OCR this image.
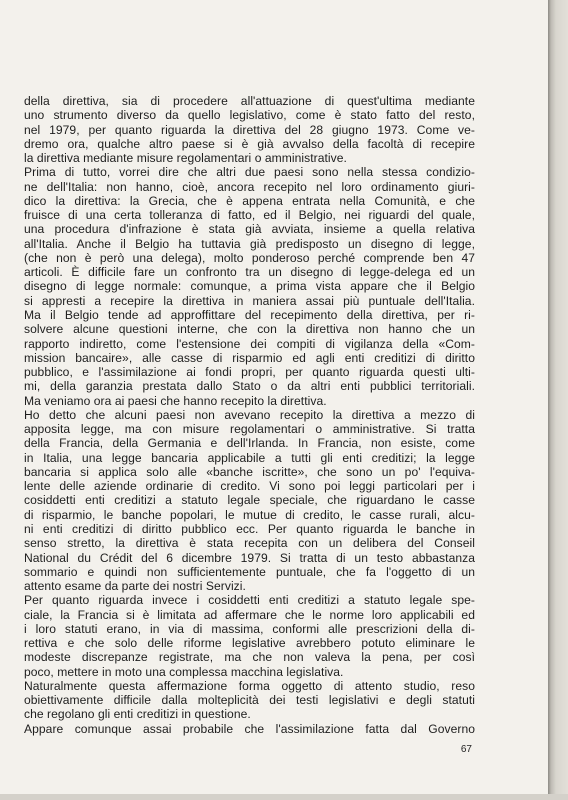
della direttiva, sia di procedere all'attuazione di quest'ultima mediante
uno strumento diverso da quello legislativo, come è stato fatto del resto,
nel 1979, per quanto riguarda la direttiva del 28 giugno 1973. Come ve-
dremo ora, qualche altro paese si è già avvalso della facoltà di recepire
la direttiva mediante misure regolamentari o amministrative.
Prima di tutto, vorrei dire che altri due paesi sono nella stessa condizio-
ne dell'Italia: non hanno, cioè, ancora recepito nel loro ordinamento giuri-
dico la direttiva: la Grecia, che è appena entrata nella Comunità, e che
fruisce di una certa tolleranza di fatto, ed il Belgio, nei riguardi del quale,
una procedura d'infrazione è stata già avviata, insieme a quella relativa
all'Italia. Anche il Belgio ha tuttavia già predisposto un disegno di legge,
(che non è però una delega), molto ponderoso perché comprende ben 47
articoli. È difficile fare un confronto tra un disegno di legge-delega ed un
disegno di legge normale: comunque, a prima vista appare che il Belgio
si appresti a recepire la direttiva in maniera assai più puntuale dell'Italia.
Ma il Belgio tende ad approffittare del recepimento della direttiva, per ri-
solvere alcune questioni interne, che con la direttiva non hanno che un
rapporto indiretto, come l'estensione dei compiti di vigilanza della «Com-
mission bancaire», alle casse di risparmio ed agli enti creditizi di diritto
pubblico, e l'assimilazione ai fondi propri, per quanto riguarda questi ulti-
mi, della garanzia prestata dallo Stato o da altri enti pubblici territoriali.
Ma veniamo ora ai paesi che hanno recepito la direttiva.
Ho detto che alcuni paesi non avevano recepito la direttiva a mezzo di
apposita legge, ma con misure regolamentari o amministrative. Si tratta
della Francia, della Germania e dell'Irlanda. In Francia, non esiste, come
in Italia, una legge bancaria applicabile a tutti gli enti creditizi; la legge
bancaria si applica solo alle «banche iscritte», che sono un po' l'equiva-
lente delle aziende ordinarie di credito. Vi sono poi leggi particolari per i
cosiddetti enti creditizi a statuto legale speciale, che riguardano le casse
di risparmio, le banche popolari, le mutue di credito, le casse rurali, alcu-
ni enti creditizi di diritto pubblico ecc. Per quanto riguarda le banche in
senso stretto, la direttiva è stata recepita con un delibera del Conseil
National du Crédit del 6 dicembre 1979. Si tratta di un testo abbastanza
sommario e quindi non sufficientemente puntuale, che fa l'oggetto di un
attento esame da parte dei nostri Servizi.
Per quanto riguarda invece i cosiddetti enti creditizi a statuto legale spe-
ciale, la Francia si è limitata ad affermare che le norme loro applicabili ed
i loro statuti erano, in via di massima, conformi alle prescrizioni della di-
rettiva e che solo delle riforme legislative avrebbero potuto eliminare le
modeste discrepanze registrate, ma che non valeva la pena, per così
poco, mettere in moto una complessa macchina legislativa.
Naturalmente questa affermazione forma oggetto di attento studio, reso
obiettivamente difficile dalla molteplicità dei testi legislativi e degli statuti
che regolano gli enti creditizi in questione.
Appare comunque assai probabile che l'assimilazione fatta dal Governo
67
